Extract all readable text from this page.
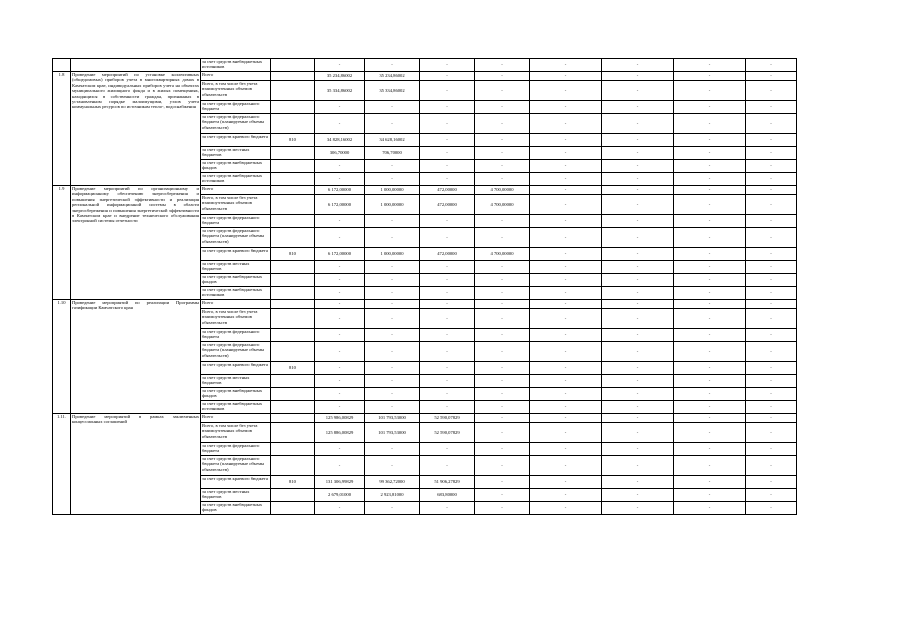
		за счет средств внебюджетных источников		-	-	-	-	-	-	-	-
1.8	Проведение мероприятий по установке коллективных (общедомовых) приборов учета в многоквартирных домах в Камчатском крае, индивидуальных приборов учета на объектах муниципального жилищного фонда и в жилых помещениях, находящихся в собственности граждан, признанных в установленном порядке малоимущими, узлов учета коммунальных ресурсов по источникам тепло-, водоснабжения	Всего		35 234,86002	35 234,86002	-	-	-	-	-	-
		Всего, в том числе без учета взаимоучтенных объемов обязательств		35 334,86002	35 334,86002	-	-	-	-	-	-
		за счет средств федерального бюджета		-	-	-	-	-	-	-	-
		за счет средств федерального бюджета (планируемые объемы обязательств)		-	-	-	-	-	-	-	-
		за счет средств краевого бюджета	810	34 828,16002	34 628,16002	-	-	-	-	-	-
		за счет средств местных бюджетов		306,70000	706,70000	-	-	-	-	-	-
		за счет средств внебюджетных фондов		-	-	-	-	-	-	-	-
		за счет средств внебюджетных источников		-	-	-	-	-	-	-	-
1.9	Проведение мероприятий по организационному и информационному обеспечению энергосбережения и повышения энергетической эффективности и реализация региональной информационной системы в области энергосбережения и повышения энергетической эффективности в Камчатском крае и внедрение технического обслуживания электронной системы отчетности	Всего		6 172,00000	1 000,00000	472,00000	4 700,00000	-	-	-	-
		Всего, в том числе без учета взаимоучтенных объемов обязательств		6 172,00000	1 000,00000	472,00000	4 700,00000	-	-	-	-
		за счет средств федерального бюджета		-	-	-	-	-	-	-	-
		за счет средств федерального бюджета (планируемые объемы обязательств)		-	-	-	-	-	-	-	-
		за счет средств краевого бюджета	810	6 172,00000	1 000,00000	472,00000	4 700,00000	-	-	-	-
		за счет средств местных бюджетов		-	-	-	-	-	-	-	-
		за счет средств внебюджетных фондов		-	-	-	-	-	-	-	-
		за счет средств внебюджетных источников		-	-	-	-	-	-	-	-
1.10	Проведение мероприятий по реализации Программы газификации Камчатского края	Всего		-	-	-	-	-	-	-	-
		Всего, в том числе без учета взаимоучтенных объемов обязательств		-	-	-	-	-	-	-	-
		за счет средств федерального бюджета		-	-	-	-	-	-	-	-
		за счет средств федерального бюджета (планируемые объемы обязательств)		-	-	-	-	-	-	-	-
		за счет средств краевого бюджета	810	-	-	-	-	-	-	-	-
		за счет средств местных бюджетов		-	-	-	-	-	-	-	-
		за счет средств внебюджетных фондов		-	-	-	-	-	-	-	-
		за счет средств внебюджетных источников		-	-	-	-	-	-	-	-
1.11.	Проведение мероприятий в рамках заключенных концессионных соглашений	Всего		125 986,00829	101 793,53000	52 590,07829	-	-	-	-	-
		Всего, в том числе без учета взаимоучтенных объемов обязательств		125 886,00829	101 793,53000	52 590,07829	-	-	-	-	-
		за счет средств федерального бюджета		-	-	-	-	-	-	-	-
		за счет средств федерального бюджета (планируемые объемы обязательств)		-	-	-	-	-	-	-	-
		за счет средств краевого бюджета	810	131 306,99829	99 362,72000	51 906,27829	-	-	-	-	-
		за счет средств местных бюджетов		2 679,01000	2 923,81000	683,80000	-	-	-	-	-
		за счет средств внебюджетных фондов		-	-	-	-	-	-	-	-
